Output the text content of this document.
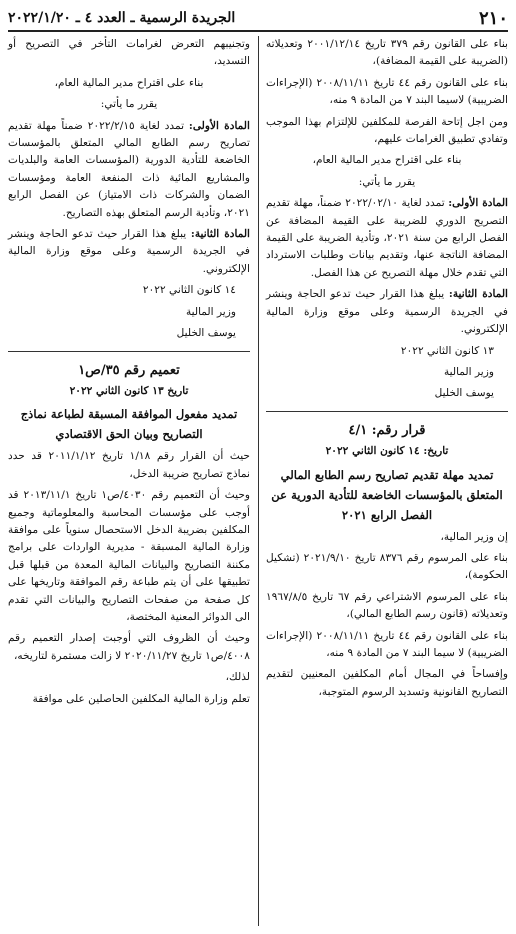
٢١٠
الجريدة الرسمية ـ العدد ٤ ـ ٢٠٢٢/١/٢٠

بناء على القانون رقم ٣٧٩ تاريخ ٢٠٠١/١٢/١٤ وتعديلاته (الضريبة على القيمة المضافة)،

بناء على القانون رقم ٤٤ تاريخ ٢٠٠٨/١١/١١ (الإجراءات الضريبية) لاسيما البند ٧ من المادة ٩ منه،

ومن اجل إتاحة الفرصة للمكلفين للإلتزام بهذا الموجب وتفادي تطبيق الغرامات عليهم،

بناء على اقتراح مدير المالية العام،

يقرر ما يأتي:

المادة الأولى: تمدد لغاية ٢٠٢٢/٠٢/١٠ ضمناً، مهلة تقديم التصريح الدوري للضريبة على القيمة المضافة عن الفصل الرابع من سنة ٢٠٢١، وتأدية الضريبة على القيمة المضافة الناتجة عنها، وتقديم بيانات وطلبات الاسترداد التي تقدم خلال مهلة التصريح عن هذا الفصل.

المادة الثانية: يبلغ هذا القرار حيث تدعو الحاجة وينشر في الجريدة الرسمية وعلى موقع وزارة المالية الإلكتروني.

١٣ كانون الثاني ٢٠٢٢

وزير المالية

يوسف الخليل

قرار رقم: ٤/١

تاريخ: ١٤ كانون الثاني ٢٠٢٢

تمديد مهلة تقديم تصاريح رسم الطابع المالي المتعلق بالمؤسسات الخاضعة للتأدية الدورية عن الفصل الرابع ٢٠٢١

إن وزير المالية،

بناء على المرسوم رقم ٨٣٧٦ تاريخ ٢٠٢١/٩/١٠ (تشكيل الحكومة)،

بناء على المرسوم الاشتراعي رقم ٦٧ تاريخ ١٩٦٧/٨/٥ وتعديلاته (قانون رسم الطابع المالي)،

بناء على القانون رقم ٤٤ تاريخ ٢٠٠٨/١١/١١ (الإجراءات الضريبية) لا سيما البند ٧ من المادة ٩ منه،

وإفساحاً في المجال أمام المكلفين المعنيين لتقديم التصاريح القانونية وتسديد الرسوم المتوجبة،

وتجنيبهم التعرض لغرامات التأخر في التصريح أو التسديد،

بناء على اقتراح مدير المالية العام،

يقرر ما يأتي:

المادة الأولى: تمدد لغاية ٢٠٢٢/٢/١٥ ضمناً مهلة تقديم تصاريح رسم الطابع المالي المتعلق بالمؤسسات الخاضعة للتأدية الدورية (المؤسسات العامة والبلديات والمشاريع المائية ذات المنفعة العامة ومؤسسات الضمان والشركات ذات الامتياز) عن الفصل الرابع ٢٠٢١، وتأدية الرسم المتعلق بهذه التصاريح.

المادة الثانية: يبلغ هذا القرار حيث تدعو الحاجة وينشر في الجريدة الرسمية وعلى موقع وزارة المالية الإلكتروني.

١٤ كانون الثاني ٢٠٢٢

وزير المالية

يوسف الخليل

تعميم رقم ٣٥/ص١

تاريخ ١٣ كانون الثاني ٢٠٢٢

تمديد مفعول الموافقة المسبقة لطباعة نماذج التصاريح وبيان الحق الاقتصادي

حيث أن القرار رقم ١/١٨ تاريخ ٢٠١١/١/١٢ قد حدد نماذج تصاريح ضريبة الدخل،

وحيث أن التعميم رقم ٤٠٣٠/ص١ تاريخ ٢٠١٣/١١/١ قد أوجب على مؤسسات المحاسبة والمعلوماتية وجميع المكلفين بضريبة الدخل الاستحصال سنوياً على موافقة وزارة المالية المسبقة - مديرية الواردات على برامج مكننة التصاريح والبيانات المالية المعدة من قبلها قبل تطبيقها على أن يتم طباعة رقم الموافقة وتاريخها على كل صفحة من صفحات التصاريح والبيانات التي تقدم الى الدوائر المعنية المختصة،

وحيث أن الظروف التي أوجبت إصدار التعميم رقم ٤٠٠٨/ص١ تاريخ ٢٠٢٠/١١/٢٧ لا زالت مستمرة لتاريخه،

لذلك،

تعلم وزارة المالية المكلفين الحاصلين على موافقة
